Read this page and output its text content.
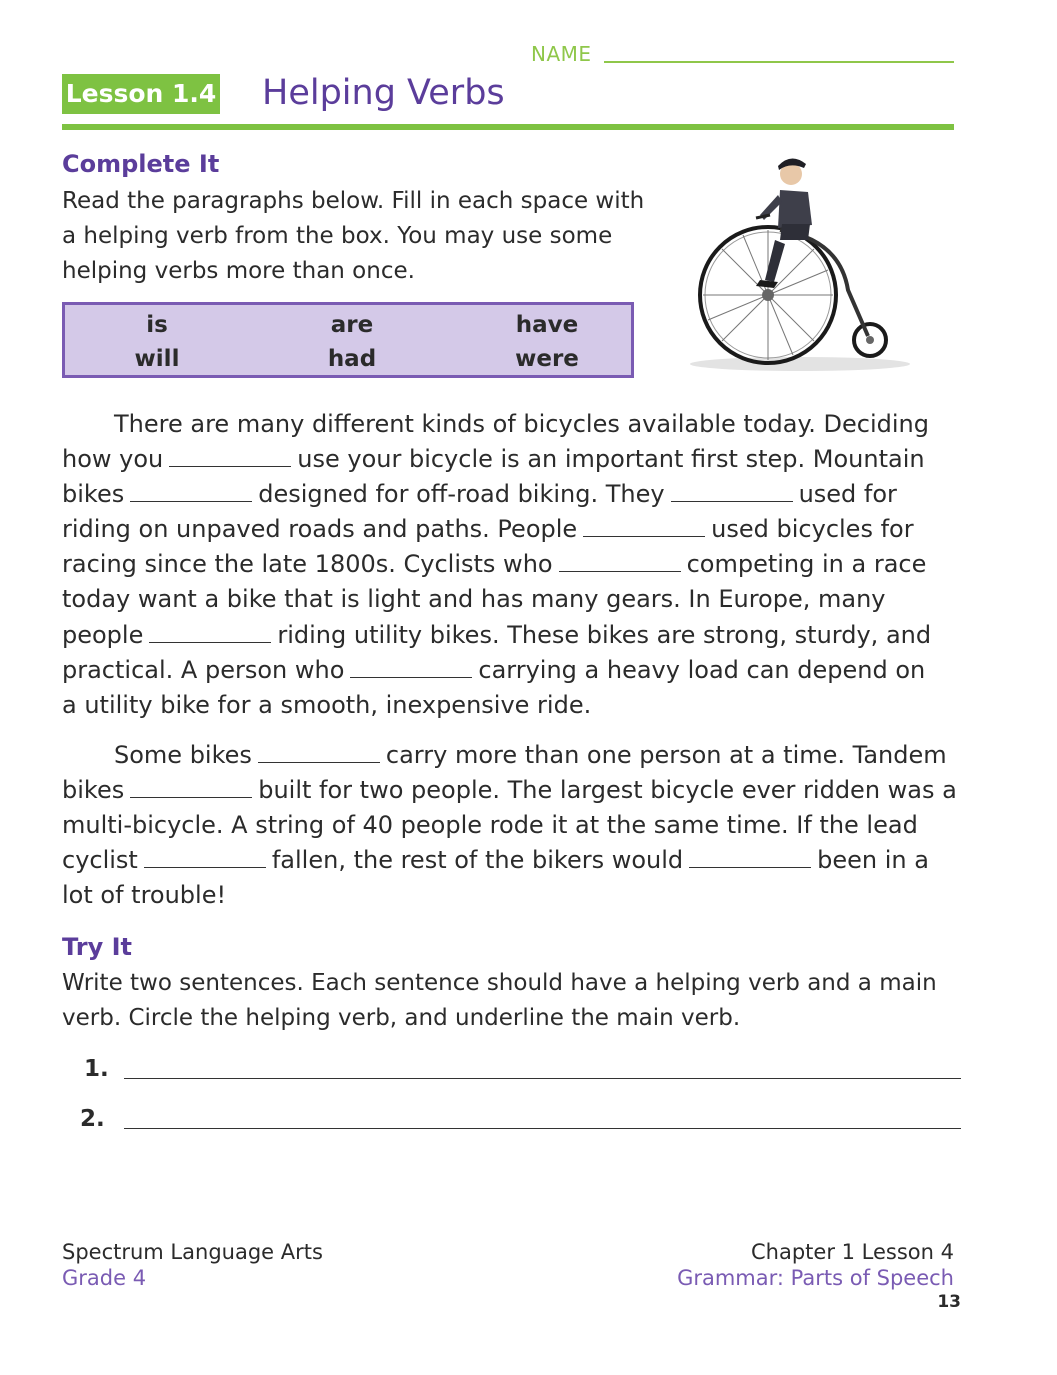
NAME
Lesson 1.4 Helping Verbs
Complete It
Read the paragraphs below. Fill in each space with a helping verb from the box. You may use some helping verbs more than once.
is	are	have
will	had	were
There are many different kinds of bicycles available today. Deciding
how you	use your bicycle is an important first step. Mountain
bikes	designed for off-road biking. They	used for
riding on unpaved roads and paths. People	used bicycles for
racing since the late 1800s. Cyclists who	competing in a race
today want a bike that is light and has many gears. In Europe, many
people	riding utility bikes. These bikes are strong, sturdy, and
practical. A person who	carrying a heavy load can depend on
a utility bike for a smooth, inexpensive ride.
Some bikes	carry more than one person at a time. Tandem
bikes	built for two people. The largest bicycle ever ridden was a
multi-bicycle. A string of 40 people rode it at the same time. If the lead
cyclist	fallen, the rest of the bikers would	been in a
lot of trouble!
Try It
Write two sentences. Each sentence should have a helping verb and a main verb. Circle the helping verb, and underline the main verb.
1.
2.
Spectrum Language Arts
Grade 4
Chapter 1 Lesson 4
Grammar: Parts of Speech
13
